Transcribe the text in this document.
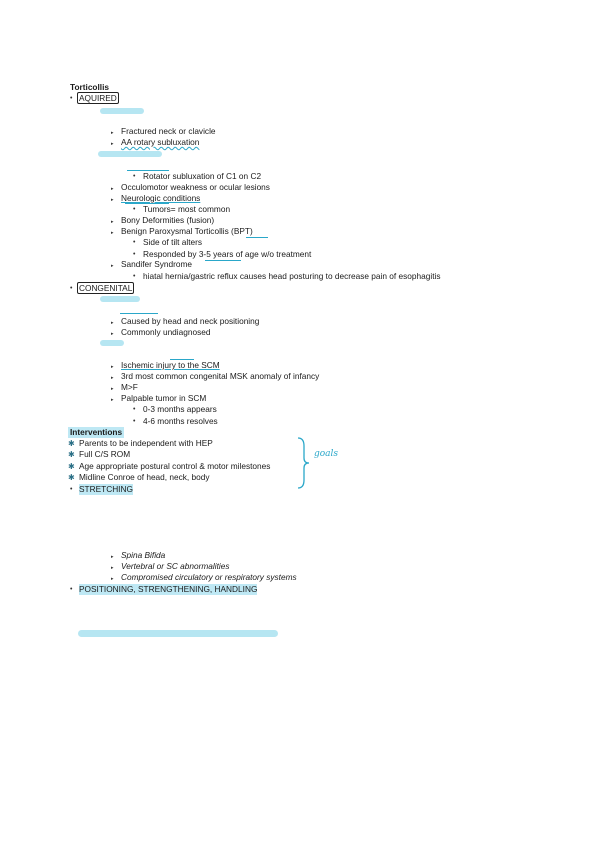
Torticollis
• AQUIRED
▸ Fractured neck or clavicle
▸ AA rotary subluxation
• Rotator subluxation of C1 on C2
▸ Occulomotor weakness or ocular lesions
▸ Neurologic conditions
• Tumors= most common
▸ Bony Deformities (fusion)
▸ Benign Paroxysmal Torticollis (BPT)
• Side of tilt alters
• Responded by 3-5 years of age w/o treatment
▸ Sandifer Syndrome
• hiatal hernia/gastric reflux causes head posturing to decrease pain of esophagitis
• CONGENITAL
▸ Caused by head and neck positioning
▸ Commonly undiagnosed
▸ Ischemic injury to the SCM
▸ 3rd most common congenital MSK anomaly of infancy
▸ M>F
▸ Palpable tumor in SCM
• 0-3 months appears
• 4-6 months resolves
Interventions
✱ Parents to be independent with HEP
✱ Full C/S ROM
✱ Age appropriate postural control & motor milestones
✱ Midline Conroe of head, neck, body
goals
• STRETCHING
▸ Spina Bifida
▸ Vertebral or SC abnormalities
▸ Compromised circulatory or respiratory systems
• POSITIONING, STRENGTHENING, HANDLING
